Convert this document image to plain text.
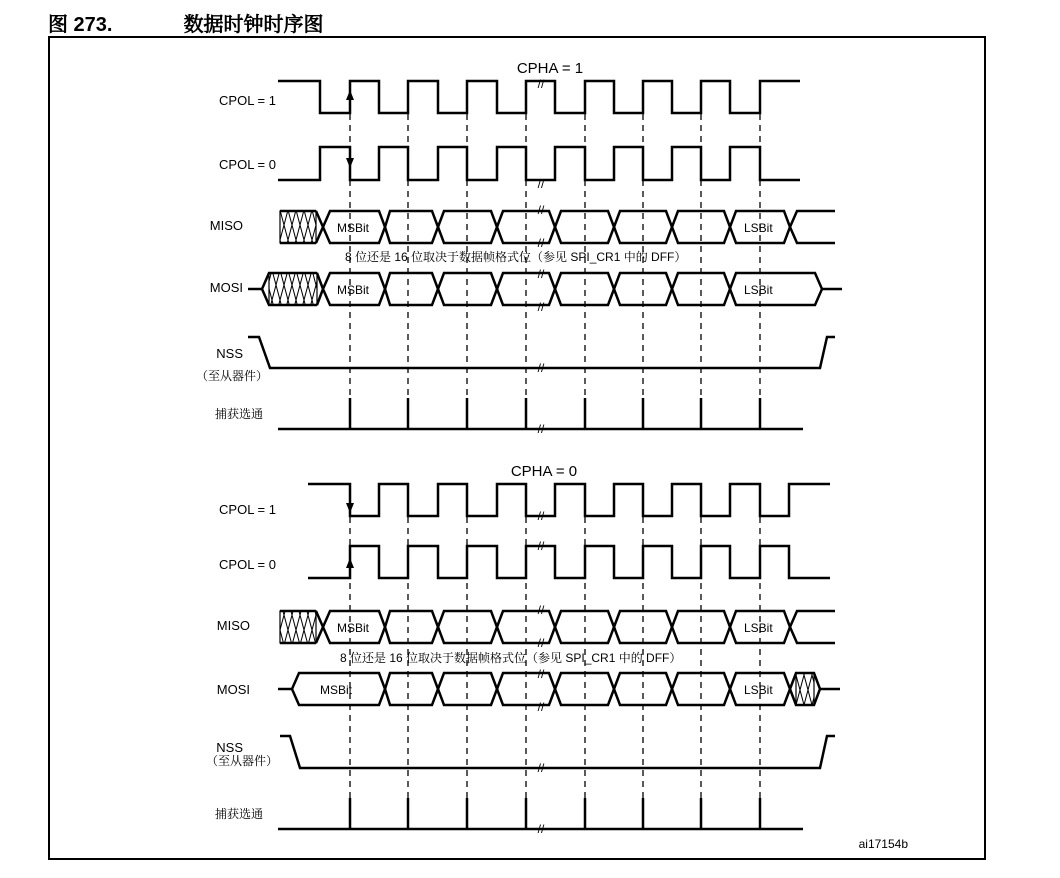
图 273.	数据时钟时序图
CPHA = 1
CPOL = 1
//
CPOL = 0
//
MISO	MSBit	LSBit
//
//
8 位还是 16 位取决于数据帧格式位（参见 SPI_CR1 中的 DFF）
MOSI	MSBit	LSBit
//
//
NSS
（至从器件）
//
捕获选通
//
CPHA = 0
CPOL = 1	//
CPOL = 0
//
MISO	MSBit	LSBit
//
//
8 位还是 16 位取决于数据帧格式位（参见 SPI_CR1 中的 DFF）
MOSI	MSBit	LSBit
//
//
NSS
（至从器件）	//
捕获选通
//
ai17154b
